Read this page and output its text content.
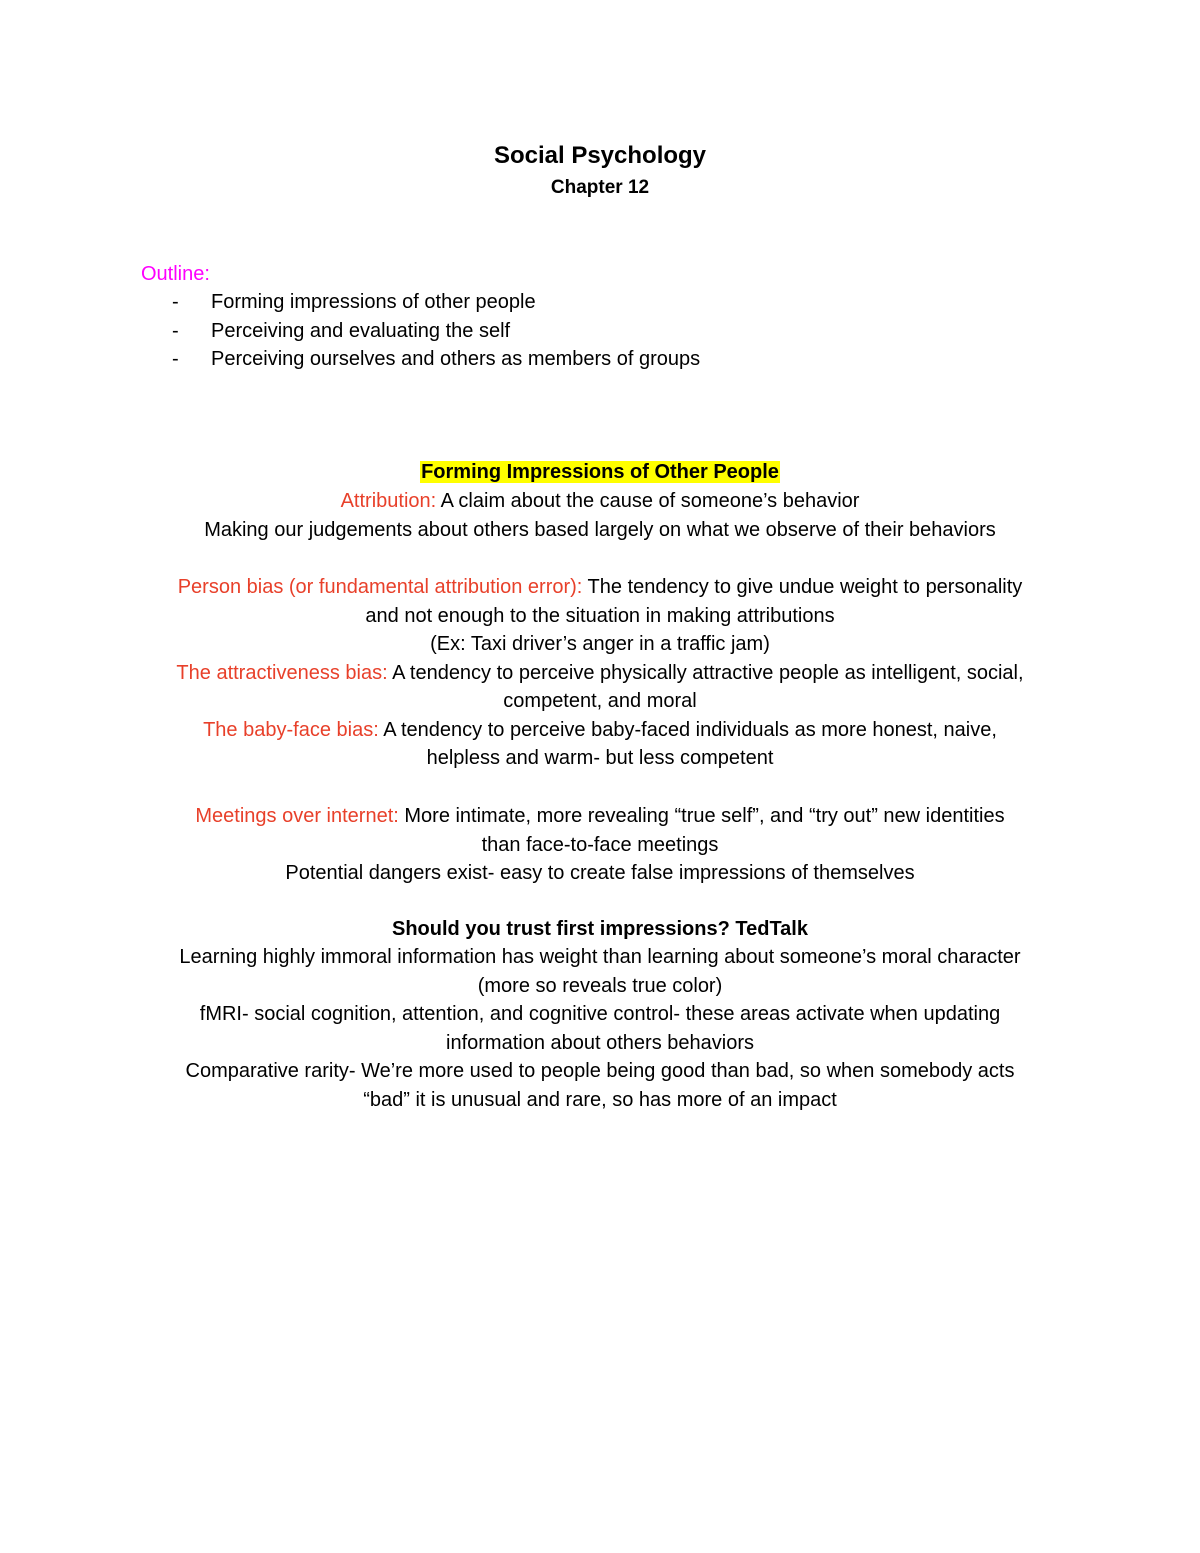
Social Psychology
Chapter 12
Outline:
- Forming impressions of other people
- Perceiving and evaluating the self
- Perceiving ourselves and others as members of groups
Forming Impressions of Other People
Attribution: A claim about the cause of someone’s behavior
Making our judgements about others based largely on what we observe of their behaviors
Person bias (or fundamental attribution error): The tendency to give undue weight to personality
and not enough to the situation in making attributions
(Ex: Taxi driver’s anger in a traffic jam)
The attractiveness bias: A tendency to perceive physically attractive people as intelligent, social,
competent, and moral
The baby-face bias: A tendency to perceive baby-faced individuals as more honest, naive,
helpless and warm- but less competent
Meetings over internet: More intimate, more revealing “true self”, and “try out” new identities
than face-to-face meetings
Potential dangers exist- easy to create false impressions of themselves
Should you trust first impressions? TedTalk
Learning highly immoral information has weight than learning about someone’s moral character
(more so reveals true color)
fMRI- social cognition, attention, and cognitive control- these areas activate when updating
information about others behaviors
Comparative rarity- We’re more used to people being good than bad, so when somebody acts
“bad” it is unusual and rare, so has more of an impact
